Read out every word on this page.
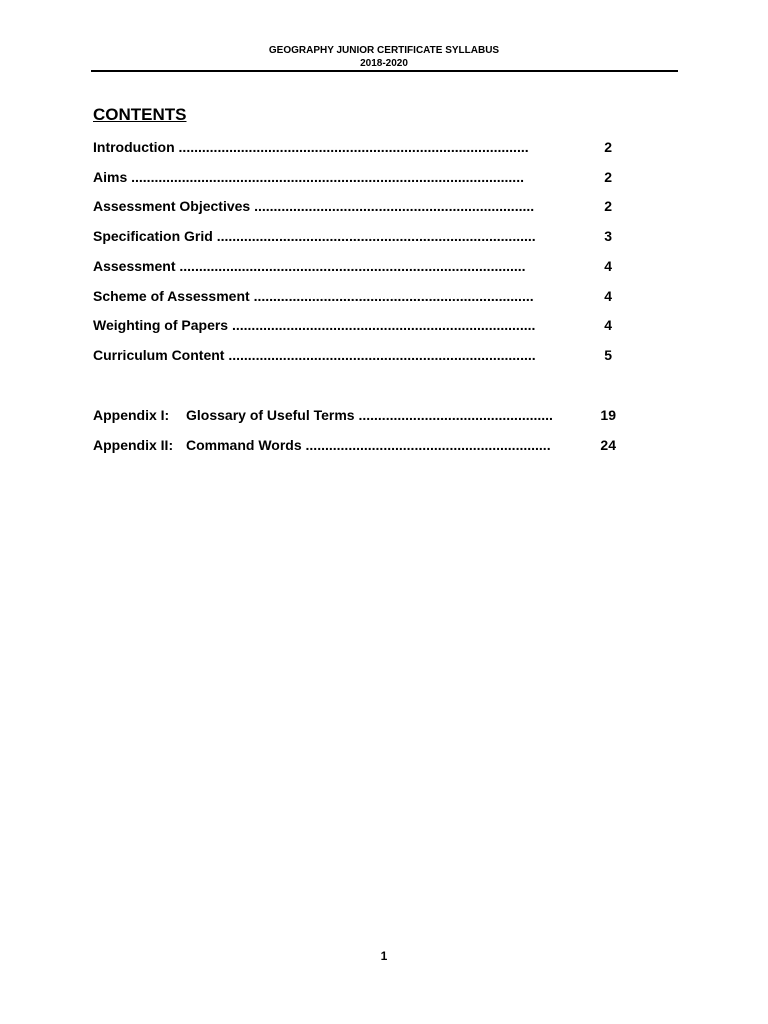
GEOGRAPHY JUNIOR CERTIFICATE SYLLABUS
2018-2020
CONTENTS
Introduction ..........................................................................................	2
Aims .....................................................................................................	2
Assessment Objectives ........................................................................	2
Specification Grid ..................................................................................	3
Assessment .........................................................................................	4
Scheme of Assessment ........................................................................	4
Weighting of Papers ..............................................................................	4
Curriculum Content ...............................................................................	5
Appendix I: Glossary of Useful Terms ..................................................	19
Appendix II: Command Words ...............................................................	24
1
